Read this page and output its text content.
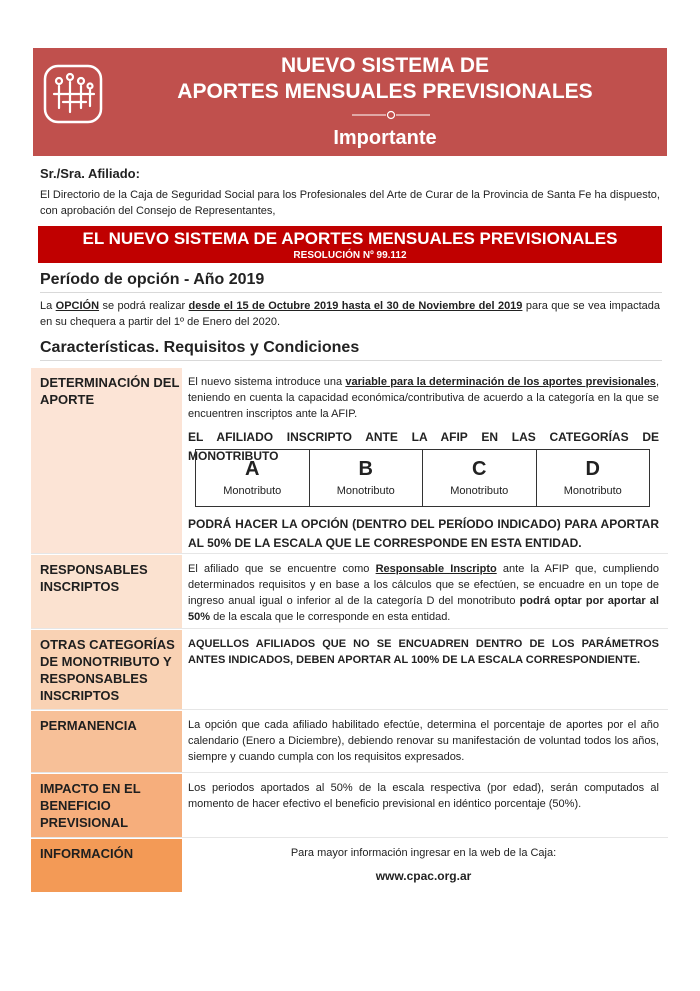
NUEVO SISTEMA DE
APORTES MENSUALES PREVISIONALES
Importante
Sr./Sra. Afiliado:
El Directorio de la Caja de Seguridad Social para los Profesionales del Arte de Curar de la Provincia de Santa Fe ha dispuesto, con aprobación del Consejo de Representantes,
EL NUEVO SISTEMA DE APORTES MENSUALES PREVISIONALES
RESOLUCIÓN Nº 99.112
Período de opción - Año 2019
La OPCIÓN se podrá realizar desde el 15 de Octubre 2019 hasta el 30 de Noviembre del 2019 para que se vea impactada en su chequera a partir del 1º de Enero del 2020.
Características. Requisitos y Condiciones
DETERMINACIÓN DEL APORTE
El nuevo sistema introduce una variable para la determinación de los aportes previsionales, teniendo en cuenta la capacidad económica/contributiva de acuerdo a la categoría en la que se encuentren inscriptos ante la AFIP.
EL AFILIADO INSCRIPTO ANTE LA AFIP EN LAS CATEGORÍAS DE MONOTRIBUTO
A
Monotributo
B
Monotributo
C
Monotributo
D
Monotributo
PODRÁ HACER LA OPCIÓN (DENTRO DEL PERÍODO INDICADO) PARA APORTAR AL 50% DE LA ESCALA QUE LE CORRESPONDE EN ESTA ENTIDAD.
RESPONSABLES INSCRIPTOS
El afiliado que se encuentre como Responsable Inscripto ante la AFIP que, cumpliendo determinados requisitos y en base a los cálculos que se efectúen, se encuadre en un tope de ingreso anual igual o inferior al de la categoría D del monotributo podrá optar por aportar al 50% de la escala que le corresponde en esta entidad.
OTRAS CATEGORÍAS DE MONOTRIBUTO Y RESPONSABLES INSCRIPTOS
AQUELLOS AFILIADOS QUE NO SE ENCUADREN DENTRO DE LOS PARÁMETROS ANTES INDICADOS, DEBEN APORTAR AL 100% DE LA ESCALA CORRESPONDIENTE.
PERMANENCIA	La opción que cada afiliado habilitado efectúe, determina el porcentaje de aportes por el año calendario (Enero a Diciembre), debiendo renovar su manifestación de voluntad todos los años, siempre y cuando cumpla con los requisitos expresados.
IMPACTO EN EL BENEFICIO PREVISIONAL
Los periodos aportados al 50% de la escala respectiva (por edad), serán computados al momento de hacer efectivo el beneficio previsional en idéntico porcentaje (50%).
INFORMACIÓN	Para mayor información ingresar en la web de la Caja:
www.cpac.org.ar
